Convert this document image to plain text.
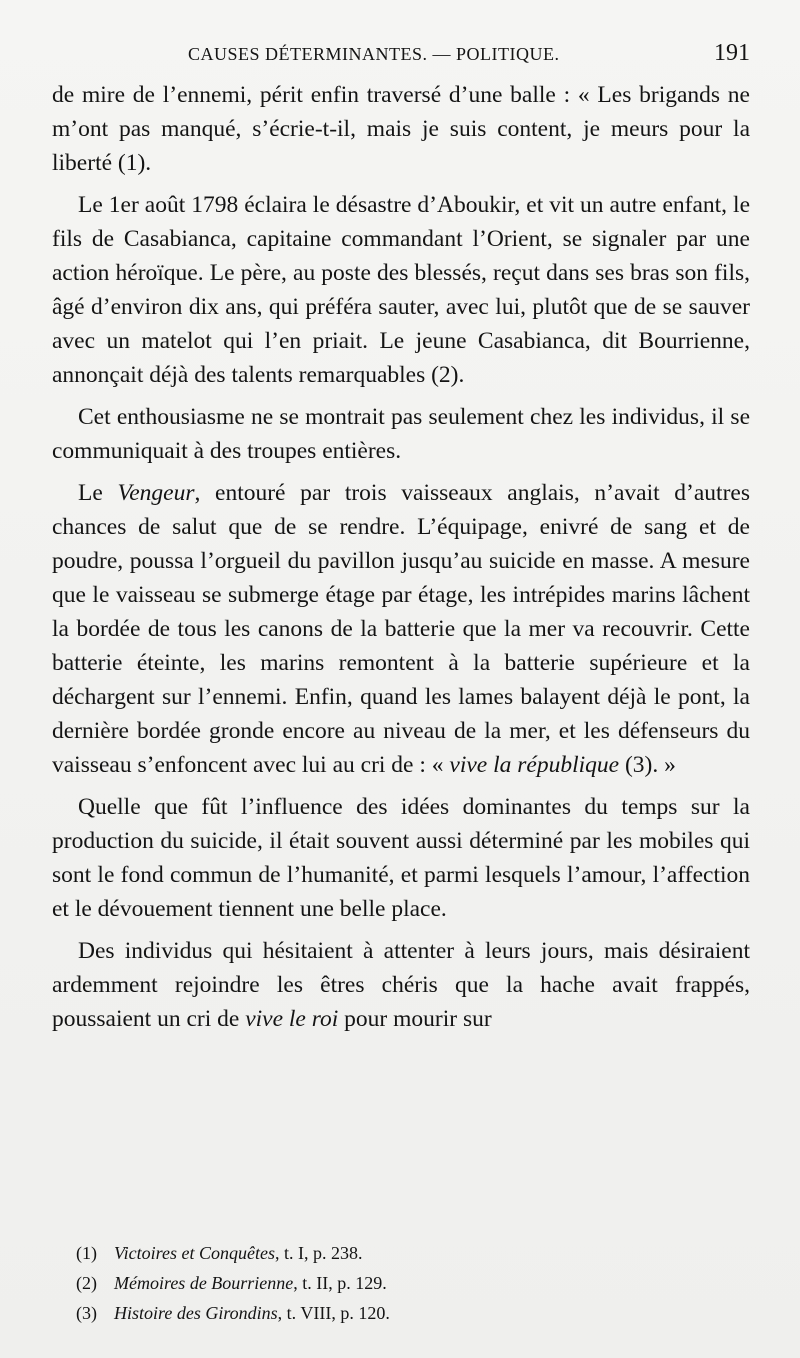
CAUSES DÉTERMINANTES. — POLITIQUE.	191

de mire de l’ennemi, périt enfin traversé d’une balle : « Les brigands ne m’ont pas manqué, s’écrie-t-il, mais je suis content, je meurs pour la liberté (1).

Le 1er août 1798 éclaira le désastre d’Aboukir, et vit un autre enfant, le fils de Casabianca, capitaine commandant l’Orient, se signaler par une action héroïque. Le père, au poste des blessés, reçut dans ses bras son fils, âgé d’environ dix ans, qui préféra sauter, avec lui, plutôt que de se sauver avec un matelot qui l’en priait. Le jeune Casabianca, dit Bourrienne, annonçait déjà des talents remarquables (2).

Cet enthousiasme ne se montrait pas seulement chez les individus, il se communiquait à des troupes entières.

Le Vengeur, entouré par trois vaisseaux anglais, n’avait d’autres chances de salut que de se rendre. L’équipage, enivré de sang et de poudre, poussa l’orgueil du pavillon jusqu’au suicide en masse. A mesure que le vaisseau se submerge étage par étage, les intrépides marins lâchent la bordée de tous les canons de la batterie que la mer va recouvrir. Cette batterie éteinte, les marins remontent à la batterie supérieure et la déchargent sur l’ennemi. Enfin, quand les lames balayent déjà le pont, la dernière bordée gronde encore au niveau de la mer, et les défenseurs du vaisseau s’enfoncent avec lui au cri de : « vive la république (3). »

Quelle que fût l’influence des idées dominantes du temps sur la production du suicide, il était souvent aussi déterminé par les mobiles qui sont le fond commun de l’humanité, et parmi lesquels l’amour, l’affection et le dévouement tiennent une belle place.

Des individus qui hésitaient à attenter à leurs jours, mais désiraient ardemment rejoindre les êtres chéris que la hache avait frappés, poussaient un cri de vive le roi pour mourir sur

(1) Victoires et Conquêtes, t. I, p. 238.
(2) Mémoires de Bourrienne, t. II, p. 129.
(3) Histoire des Girondins, t. VIII, p. 120.
